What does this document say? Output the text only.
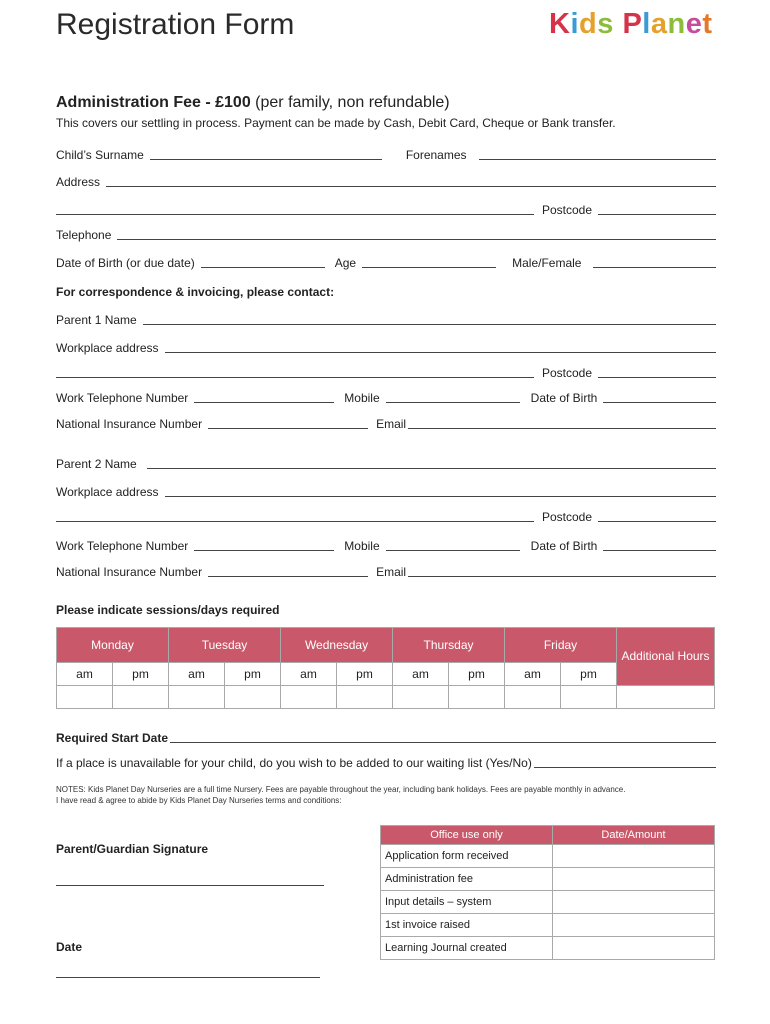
Registration Form	Kids Planet
Administration Fee - £100 (per family, non refundable)
This covers our settling in process. Payment can be made by Cash, Debit Card, Cheque or Bank transfer.
Child’s Surname	Forenames
Address
Postcode
Telephone
Date of Birth (or due date)	Age	Male/Female
For correspondence & invoicing, please contact:
Parent 1 Name
Workplace address
Postcode
Work Telephone Number	Mobile	Date of Birth
National Insurance Number	Email
Parent 2 Name
Workplace address
Postcode
Work Telephone Number	Mobile	Date of Birth
National Insurance Number	Email
Please indicate sessions/days required
Monday		Tuesday		Wednesday		Thursday		Friday		Additional Hours
am	pm	am	pm	am	pm	am	pm	am	pm	

Required Start Date
If a place is unavailable for your child, do you wish to be added to our waiting list (Yes/No)
NOTES: Kids Planet Day Nurseries are a full time Nursery. Fees are payable throughout the year, including bank holidays. Fees are payable monthly in advance.
I have read & agree to abide by Kids Planet Day Nurseries terms and conditions:
Parent/Guardian Signature
Date
Office use only	Date/Amount
Application form received	
Administration fee	
Input details – system	
1st invoice raised	
Learning Journal created	
